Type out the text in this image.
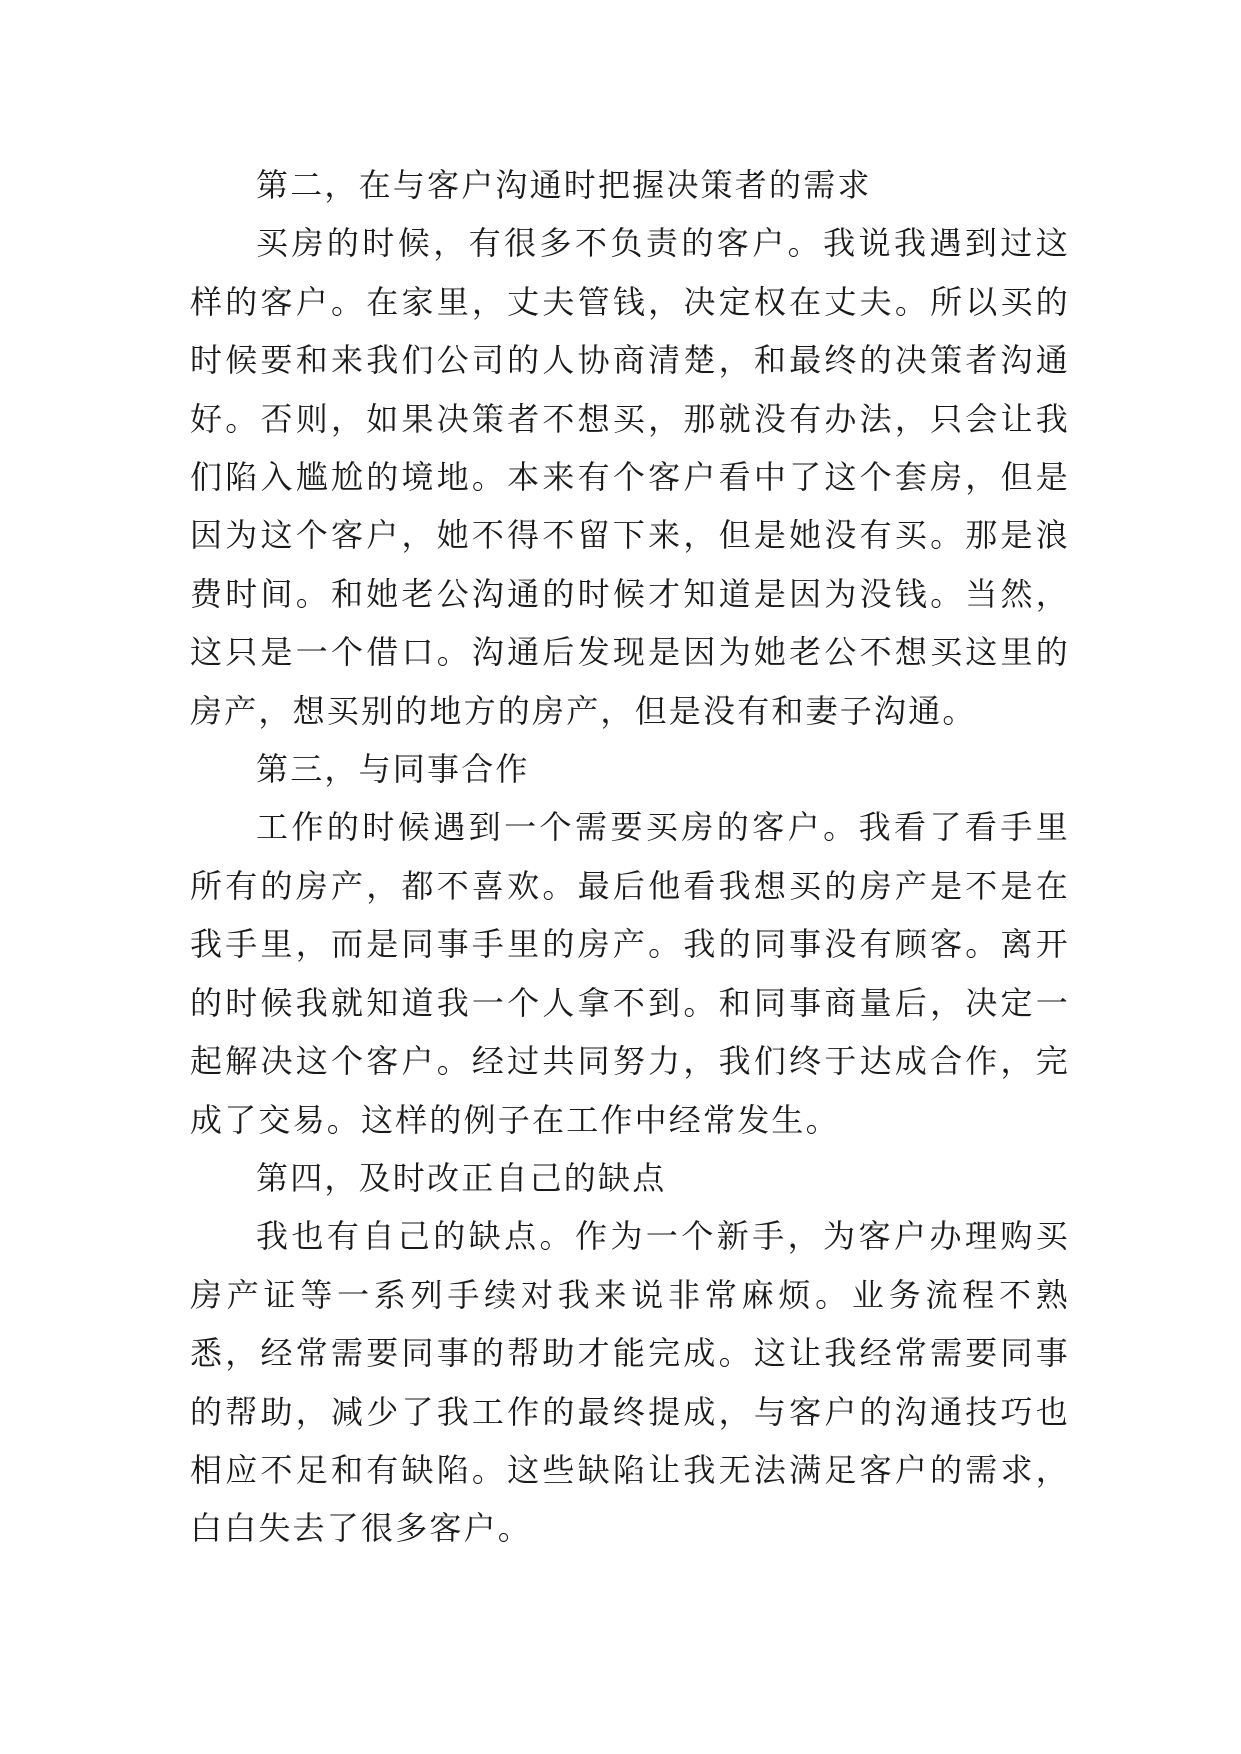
第二，在与客户沟通时把握决策者的需求

买房的时候，有很多不负责的客户。我说我遇到过这样的客户。在家里，丈夫管钱，决定权在丈夫。所以买的时候要和来我们公司的人协商清楚，和最终的决策者沟通好。否则，如果决策者不想买，那就没有办法，只会让我们陷入尴尬的境地。本来有个客户看中了这个套房，但是因为这个客户，她不得不留下来，但是她没有买。那是浪费时间。和她老公沟通的时候才知道是因为没钱。当然，这只是一个借口。沟通后发现是因为她老公不想买这里的房产，想买别的地方的房产，但是没有和妻子沟通。

第三，与同事合作

工作的时候遇到一个需要买房的客户。我看了看手里所有的房产，都不喜欢。最后他看我想买的房产是不是在我手里，而是同事手里的房产。我的同事没有顾客。离开的时候我就知道我一个人拿不到。和同事商量后，决定一起解决这个客户。经过共同努力，我们终于达成合作，完成了交易。这样的例子在工作中经常发生。

第四，及时改正自己的缺点

我也有自己的缺点。作为一个新手，为客户办理购买房产证等一系列手续对我来说非常麻烦。业务流程不熟悉，经常需要同事的帮助才能完成。这让我经常需要同事的帮助，减少了我工作的最终提成，与客户的沟通技巧也相应不足和有缺陷。这些缺陷让我无法满足客户的需求，白白失去了很多客户。
